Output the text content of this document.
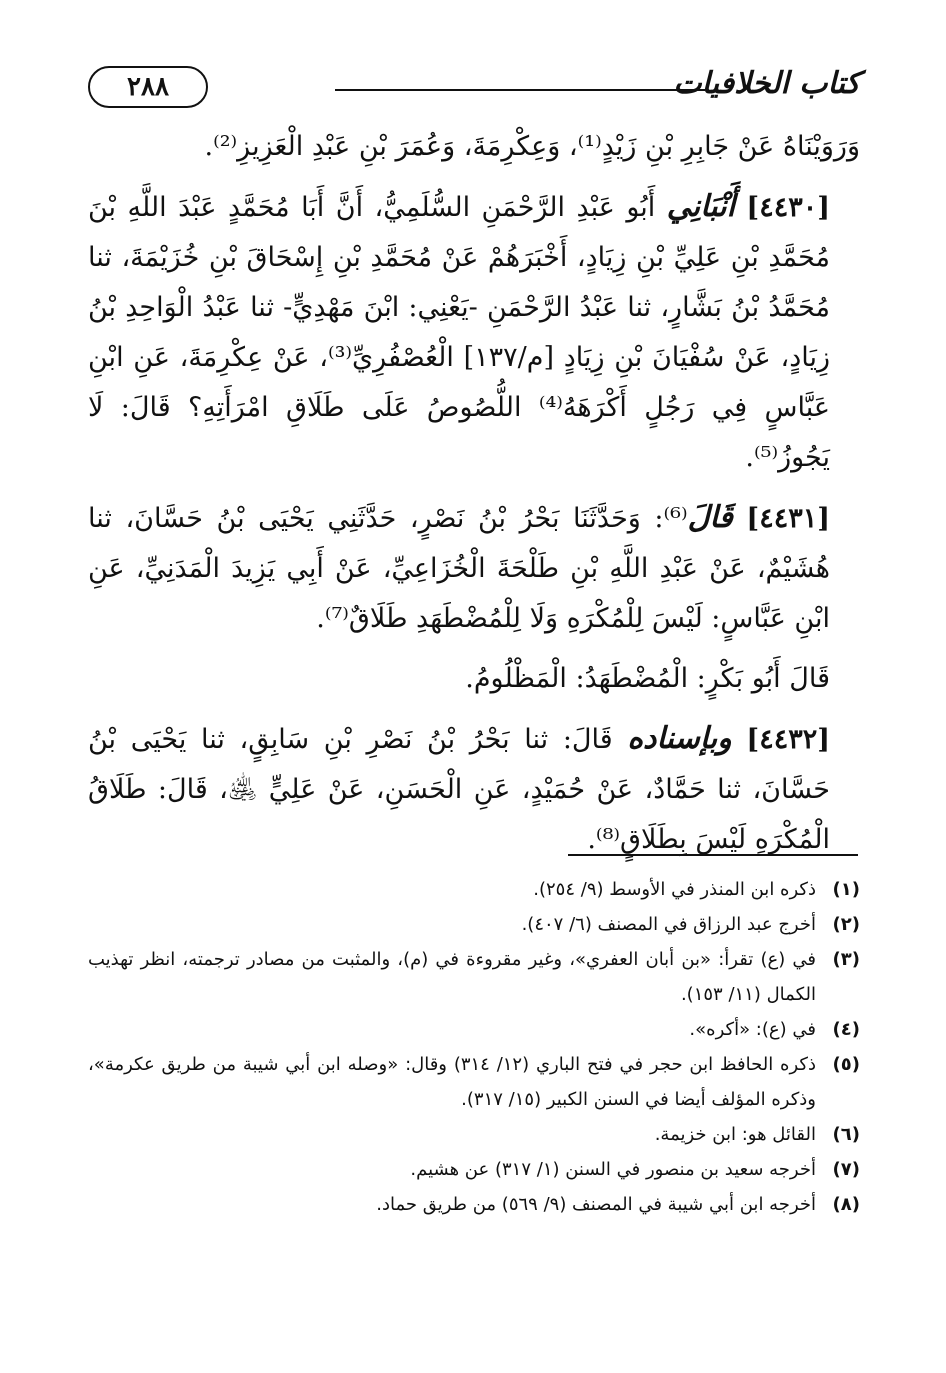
كتاب الخلافيات
٢٨٨

وَرَوَيْنَاهُ عَنْ جَابِرِ بْنِ زَيْدٍ⁽¹⁾، وَعِكْرِمَةَ، وَعُمَرَ بْنِ عَبْدِ الْعَزِيزِ⁽²⁾.

[٤٤٣٠] أَنْبَانِي أَبُو عَبْدِ الرَّحْمَنِ السُّلَمِيُّ، أَنَّ أَبَا مُحَمَّدٍ عَبْدَ اللَّهِ بْنَ مُحَمَّدِ بْنِ عَلِيِّ بْنِ زِيَادٍ، أَخْبَرَهُمْ عَنْ مُحَمَّدِ بْنِ إِسْحَاقَ بْنِ خُزَيْمَةَ، ثنا مُحَمَّدُ بْنُ بَشَّارٍ، ثنا عَبْدُ الرَّحْمَنِ -يَعْنِي: ابْنَ مَهْدِيٍّ- ثنا عَبْدُ الْوَاحِدِ بْنُ زِيَادٍ، عَنْ سُفْيَانَ بْنِ زِيَادٍ [م/١٣٧] الْعُصْفُرِيِّ⁽³⁾، عَنْ عِكْرِمَةَ، عَنِ ابْنِ عَبَّاسٍ فِي رَجُلٍ أَكْرَهَهُ⁽⁴⁾ اللُّصُوصُ عَلَى طَلَاقِ امْرَأَتِهِ؟ قَالَ: لَا يَجُوزُ⁽⁵⁾.

[٤٤٣١] قَالَ⁽⁶⁾: وَحَدَّثَنَا بَحْرُ بْنُ نَصْرٍ، حَدَّثَنِي يَحْيَى بْنُ حَسَّانَ، ثنا هُشَيْمٌ، عَنْ عَبْدِ اللَّهِ بْنِ طَلْحَةَ الْخُزَاعِيِّ، عَنْ أَبِي يَزِيدَ الْمَدَنِيِّ، عَنِ ابْنِ عَبَّاسٍ: لَيْسَ لِلْمُكْرَهِ وَلَا لِلْمُضْطَهَدِ طَلَاقٌ⁽⁷⁾.

قَالَ أَبُو بَكْرٍ: الْمُضْطَهَدُ: الْمَظْلُومُ.

[٤٤٣٢] وبإسناده قَالَ: ثنا بَحْرُ بْنُ نَصْرِ بْنِ سَابِقٍ، ثنا يَحْيَى بْنُ حَسَّانَ، ثنا حَمَّادٌ، عَنْ حُمَيْدٍ، عَنِ الْحَسَنِ، عَنْ عَلِيٍّ ﵁، قَالَ: طَلَاقُ الْمُكْرَهِ لَيْسَ بِطَلَاقٍ⁽⁸⁾.

(١)
ذكره ابن المنذر في الأوسط (٩/ ٢٥٤).
(٢)
أخرج عبد الرزاق في المصنف (٦/ ٤٠٧).
(٣)
في (ع) تقرأ: «بن أبان العفري»، وغير مقروءة في (م)، والمثبت من مصادر ترجمته، انظر تهذيب الكمال (١١/ ١٥٣).
(٤)
في (ع): «أكره».
(٥)
ذكره الحافظ ابن حجر في فتح الباري (١٢/ ٣١٤) وقال: «وصله ابن أبي شيبة من طريق عكرمة»، وذكره المؤلف أيضا في السنن الكبير (١٥/ ٣١٧).
(٦)
القائل هو: ابن خزيمة.
(٧)
أخرجه سعيد بن منصور في السنن (١/ ٣١٧) عن هشيم.
(٨)
أخرجه ابن أبي شيبة في المصنف (٩/ ٥٦٩) من طريق حماد.
